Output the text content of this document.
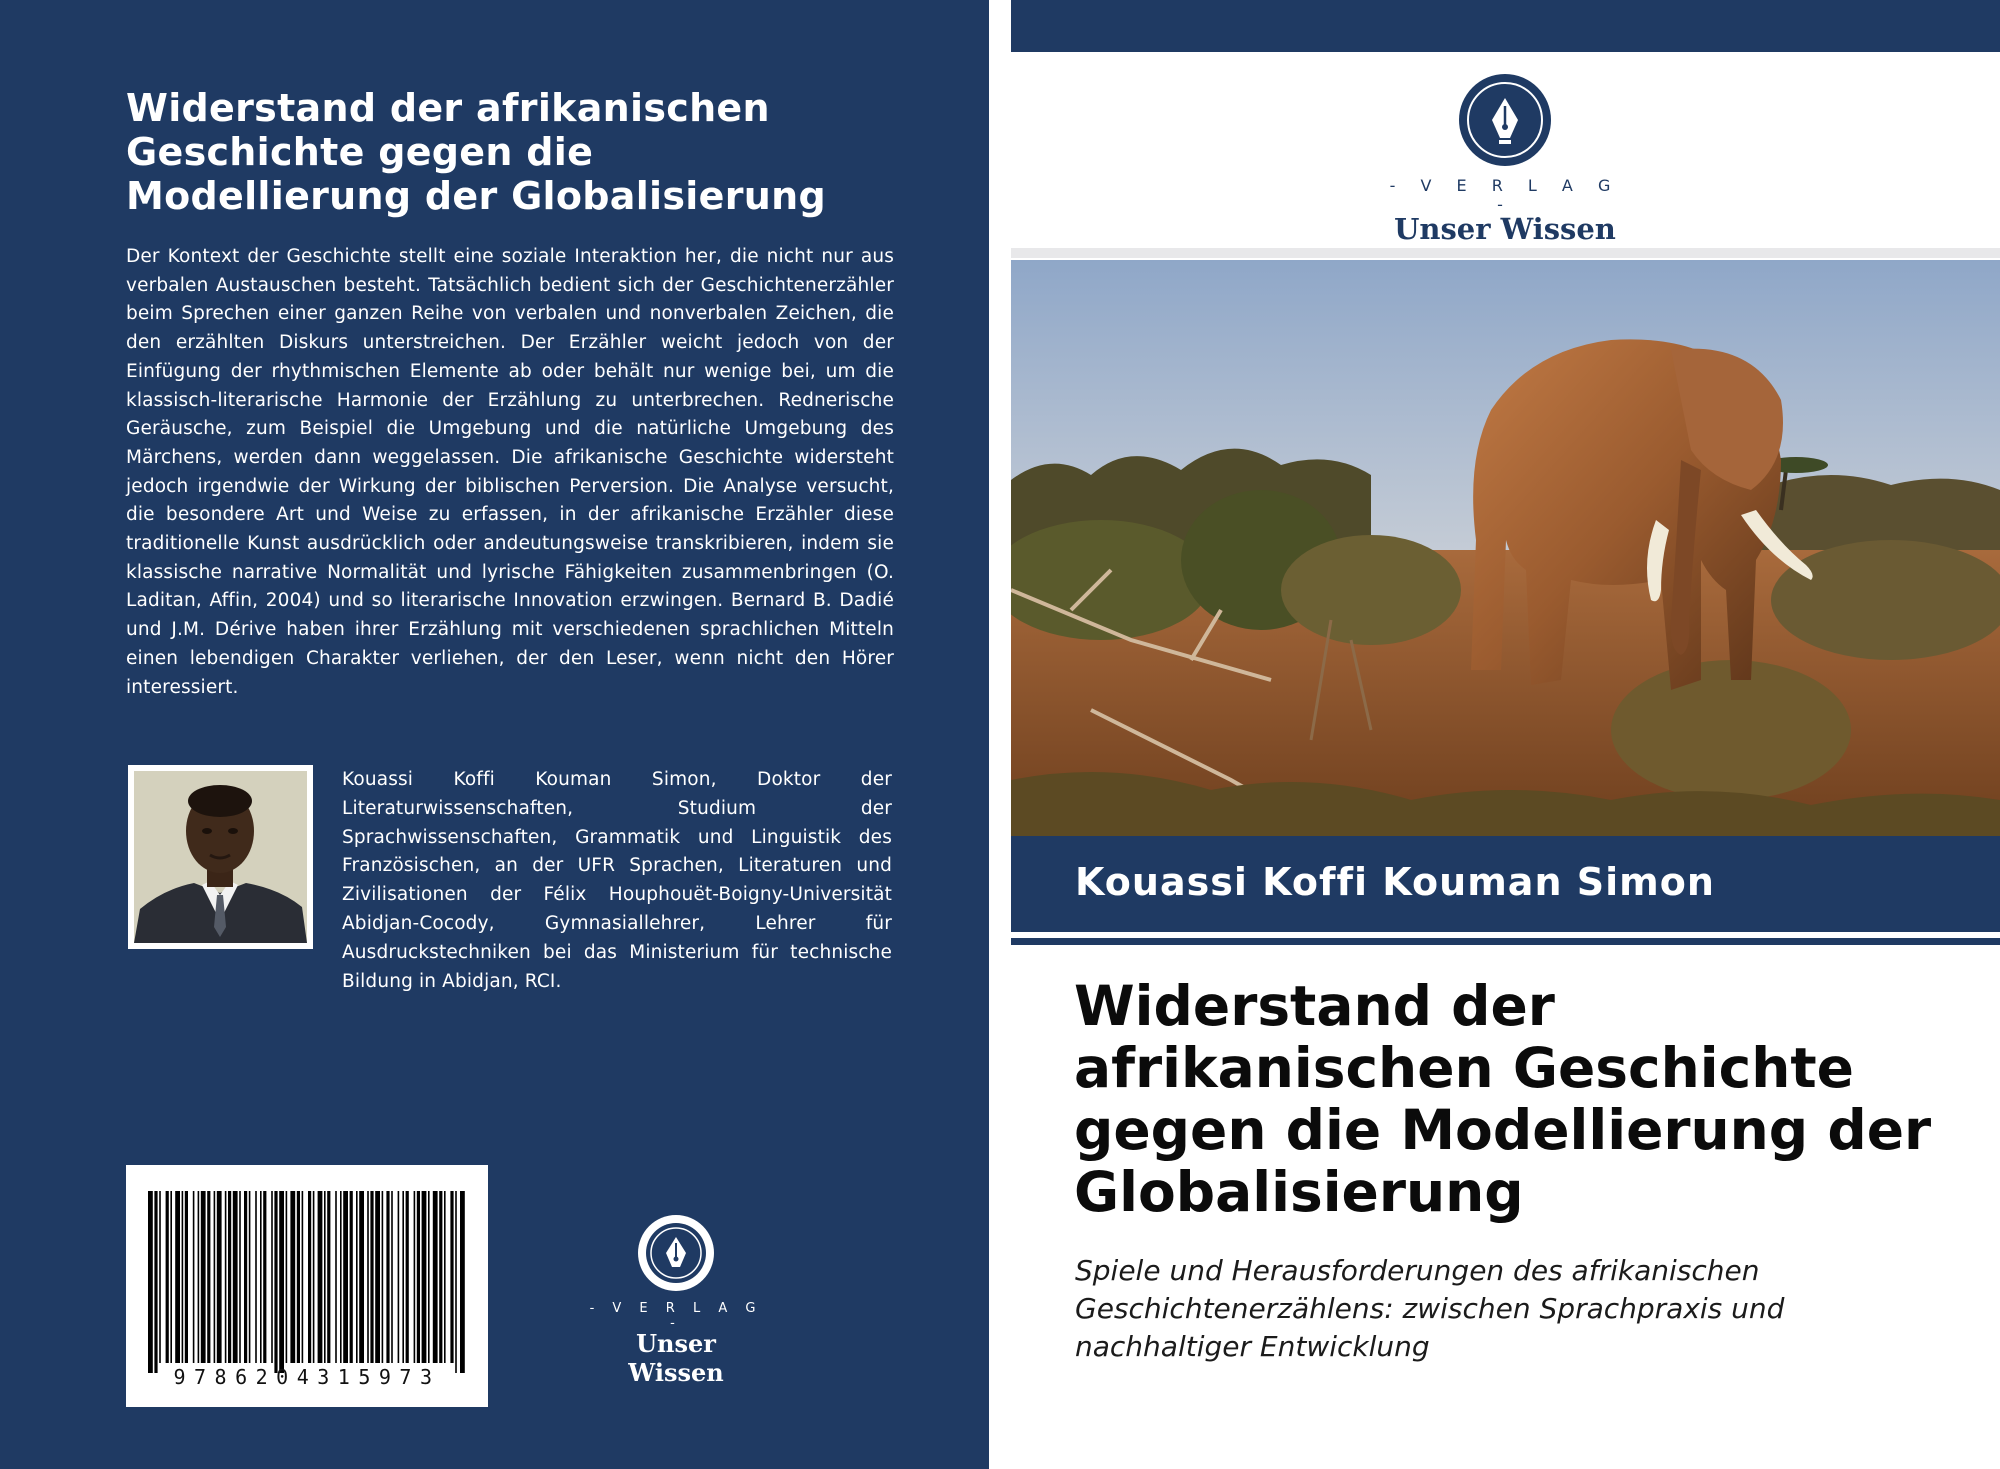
Widerstand der afrikanischen Geschichte gegen die Modellierung der Globalisierung
Der Kontext der Geschichte stellt eine soziale Interaktion her, die nicht nur aus verbalen Austauschen besteht. Tatsächlich bedient sich der Geschichtenerzähler beim Sprechen einer ganzen Reihe von verbalen und nonverbalen Zeichen, die den erzählten Diskurs unterstreichen. Der Erzähler weicht jedoch von der Einfügung der rhythmischen Elemente ab oder behält nur wenige bei, um die klassisch-literarische Harmonie der Erzählung zu unterbrechen. Rednerische Geräusche, zum Beispiel die Umgebung und die natürliche Umgebung des Märchens, werden dann weggelassen. Die afrikanische Geschichte widersteht jedoch irgendwie der Wirkung der biblischen Perversion. Die Analyse versucht, die besondere Art und Weise zu erfassen, in der afrikanische Erzähler diese traditionelle Kunst ausdrücklich oder andeutungsweise transkribieren, indem sie klassische narrative Normalität und lyrische Fähigkeiten zusammenbringen (O. Laditan, Affin, 2004) und so literarische Innovation erzwingen. Bernard B. Dadié und J.M. Dérive haben ihrer Erzählung mit verschiedenen sprachlichen Mitteln einen lebendigen Charakter verliehen, der den Leser, wenn nicht den Hörer interessiert.
Kouassi Koffi Kouman Simon, Doktor der Literaturwissenschaften, Studium der Sprachwissenschaften, Grammatik und Linguistik des Französischen, an der UFR Sprachen, Literaturen und Zivilisationen der Félix Houphouët-Boigny-Universität Abidjan-Cocody, Gymnasiallehrer, Lehrer für Ausdruckstechniken bei das Ministerium für technische Bildung in Abidjan, RCI.
9786204315973
- V E R L A G -
Unser Wissen
- V E R L A G -
Unser Wissen
Kouassi Koffi Kouman Simon
Widerstand der afrikanischen Geschichte gegen die Modellierung der Globalisierung
Spiele und Herausforderungen des afrikanischen Geschichtenerzählens: zwischen Sprachpraxis und nachhaltiger Entwicklung
